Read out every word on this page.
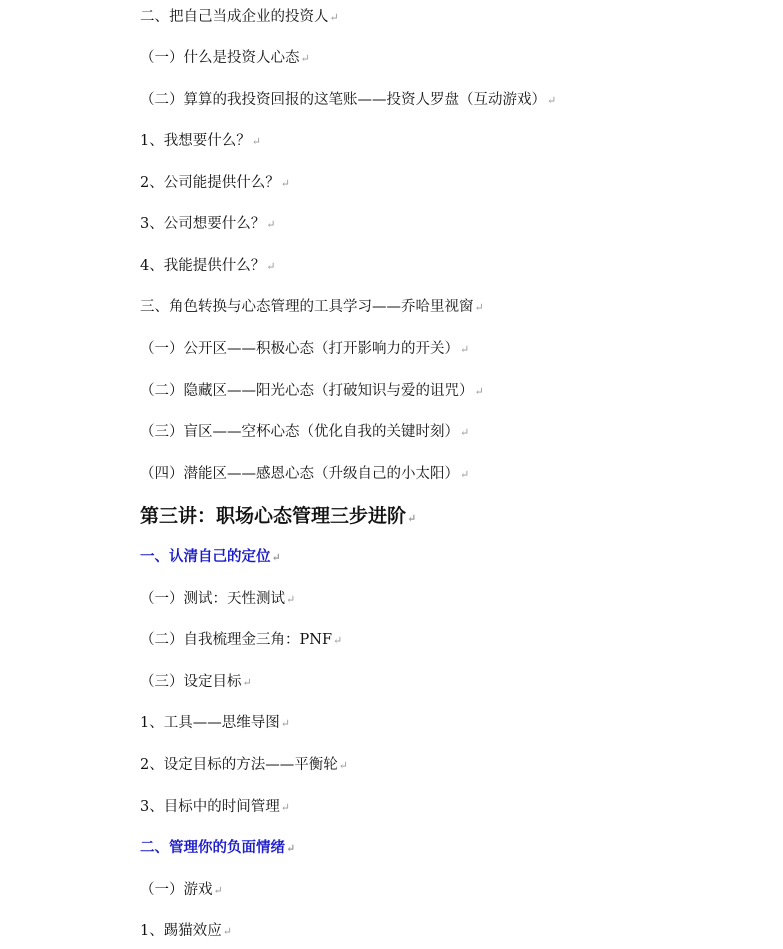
二、把自己当成企业的投资人↵
（一）什么是投资人心态↵
（二）算算的我投资回报的这笔账——投资人罗盘（互动游戏）↵
1、我想要什么？↵
2、公司能提供什么？↵
3、公司想要什么？↵
4、我能提供什么？↵
三、角色转换与心态管理的工具学习——乔哈里视窗↵
（一）公开区——积极心态（打开影响力的开关）↵
（二）隐藏区——阳光心态（打破知识与爱的诅咒）↵
（三）盲区——空杯心态（优化自我的关键时刻）↵
（四）潜能区——感恩心态（升级自己的小太阳）↵
第三讲：职场心态管理三步进阶↵
一、认清自己的定位↵
（一）测试：天性测试↵
（二）自我梳理金三角：PNF↵
（三）设定目标↵
1、工具——思维导图↵
2、设定目标的方法——平衡轮↵
3、目标中的时间管理↵
二、管理你的负面情绪↵
（一）游戏↵
1、踢猫效应↵
